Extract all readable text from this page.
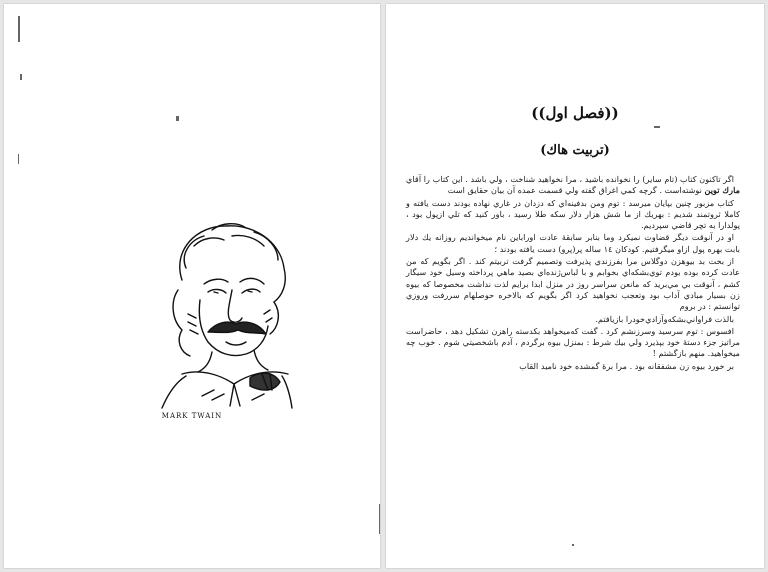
MARK TWAIN
((فصل اول))
(تربيت هاك)

اگر تاکنون کتاب (تام ساير) را نخوانده باشيد ، مرا نخواهيد شناخت ، ولي باشد . اين کتاب را آقاي مارك توين نوشته‌است . گرچه كمي اغراق گفته ولي قسمت عمده آن بيان حقايق است

کتاب مزبور چنين بپايان ميرسد : توم ومن بدفينه‌اي كه دزدان در غاري نهاده بودند دست يافته و كاملا ثروتمند شديم : بهريك از ما شش هزار دلار سکه طلا رسيد ، باور كنيد که تلي ازپول بود ، پولدارا به تچر قاضي سپرديم.

او در آنوقت ديگر قضاوت نميكرد وما بنابر سابقهٔ عادت اوراباين نام ميخوانديم روزانه يك دلار بابت بهره پول ازاو ميگرفتيم. كودكان ١٤ ساله پر(پرو) دست يافته بودند ؛

از بخت بد بيوهزن دوگلاس مرا بفرزندي پذيرفت وتصميم گرفت تربيتم كند . اگر بگويم كه من عادت كرده بوده بودم توي‌بشكه‌اي بخوابم و با لباس‌ژنده‌اي بصيد ماهي پرداخته وسيل خود سيگار كشم ، آنوقت بي مي‌بريد که مانعن سراسر روز در منزل ابدا برايم لذت نداشت مخصوصا كه بيوه زن بسيار مبادي آداب بود وتعجب نخواهيد كرد اگر بگويم كه بالاخره حوصلهام سررفت وروزي توانستم : در بروم

بالذت فراواني‌بشكه‌وآزادي‌خودرا بازيافتم.

افسوس : توم سرسيد وسرزنشم کرد . گفت كه‌ميخواهد بكدسته راهزن تشكيل دهد ، حاضراست مراتيز جزء دستهٔ خود بپذيرد ولي بيك شرط : بمنزل بيوه برگردم ، آدم باشخصيتي شوم . خوب چه ميخواهيد. منهم بازگشتم !

بر خورد بيوه زن مشفقانه بود . مرا برهٔ گمشده خود ناميد القاب
